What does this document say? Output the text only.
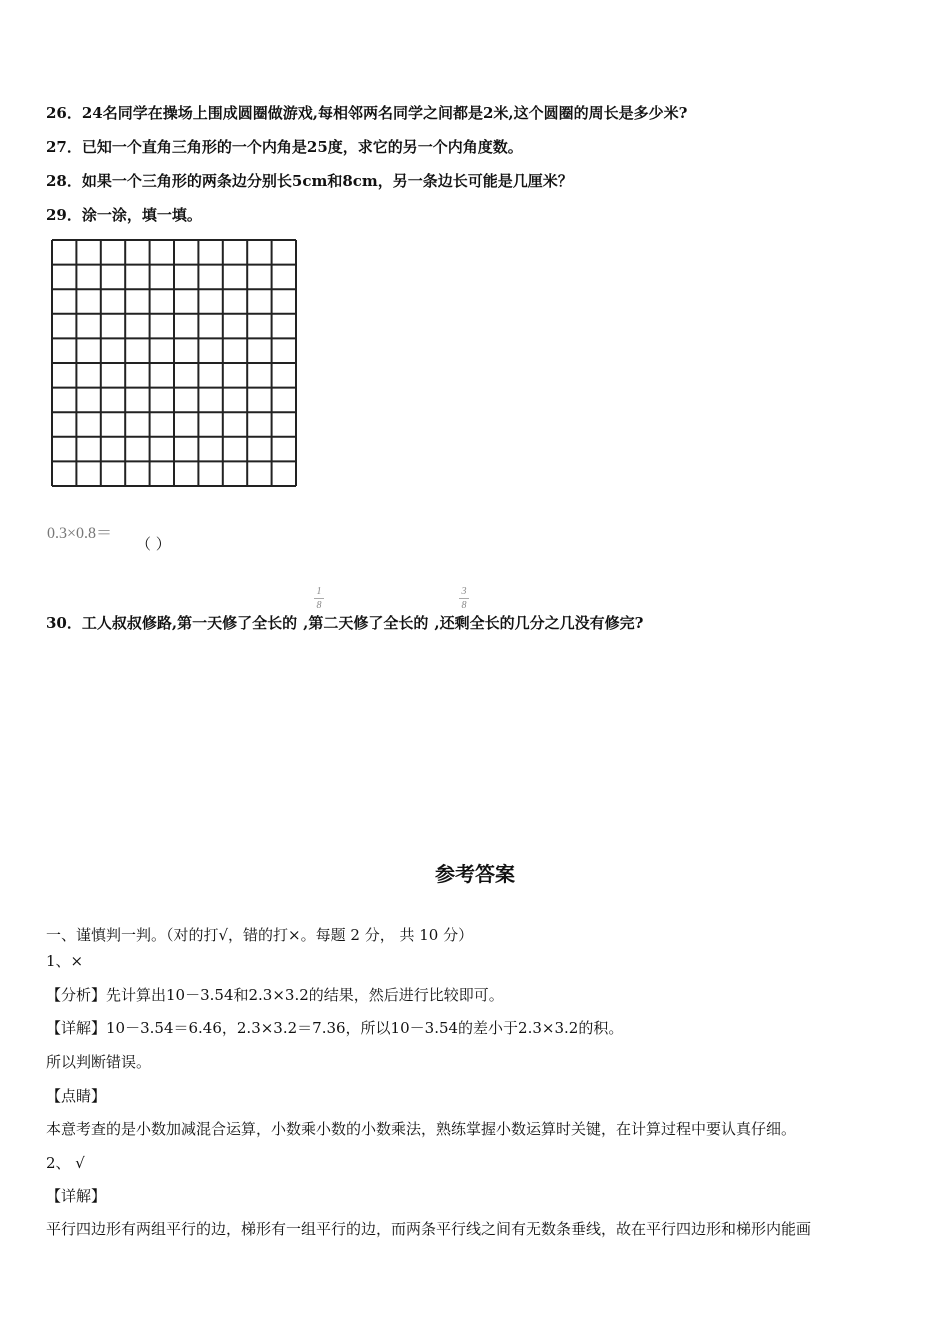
26．24名同学在操场上围成圆圈做游戏,每相邻两名同学之间都是2米,这个圆圈的周长是多少米?
27．已知一个直角三角形的一个内角是25度，求它的另一个内角度数。
28．如果一个三角形的两条边分别长5cm和8cm，另一条边长可能是几厘米？
29．涂一涂，填一填。
0.3×0.8＝
（ ）
30．工人叔叔修路,第一天修了全长的 ,第二天修了全长的 ,还剩全长的几分之几没有修完?
1
8
3
8
参考答案
一、谨慎判一判。（对的打√，错的打×。每题 2 分， 共 10 分）
1、×
【分析】先计算出10－3.54和2.3×3.2的结果，然后进行比较即可。
【详解】10－3.54＝6.46，2.3×3.2＝7.36，所以10－3.54的差小于2.3×3.2的积。
所以判断错误。
【点睛】
本意考查的是小数加减混合运算，小数乘小数的小数乘法，熟练掌握小数运算时关键，在计算过程中要认真仔细。
2、 √
【详解】
平行四边形有两组平行的边，梯形有一组平行的边，而两条平行线之间有无数条垂线，故在平行四边形和梯形内能画
